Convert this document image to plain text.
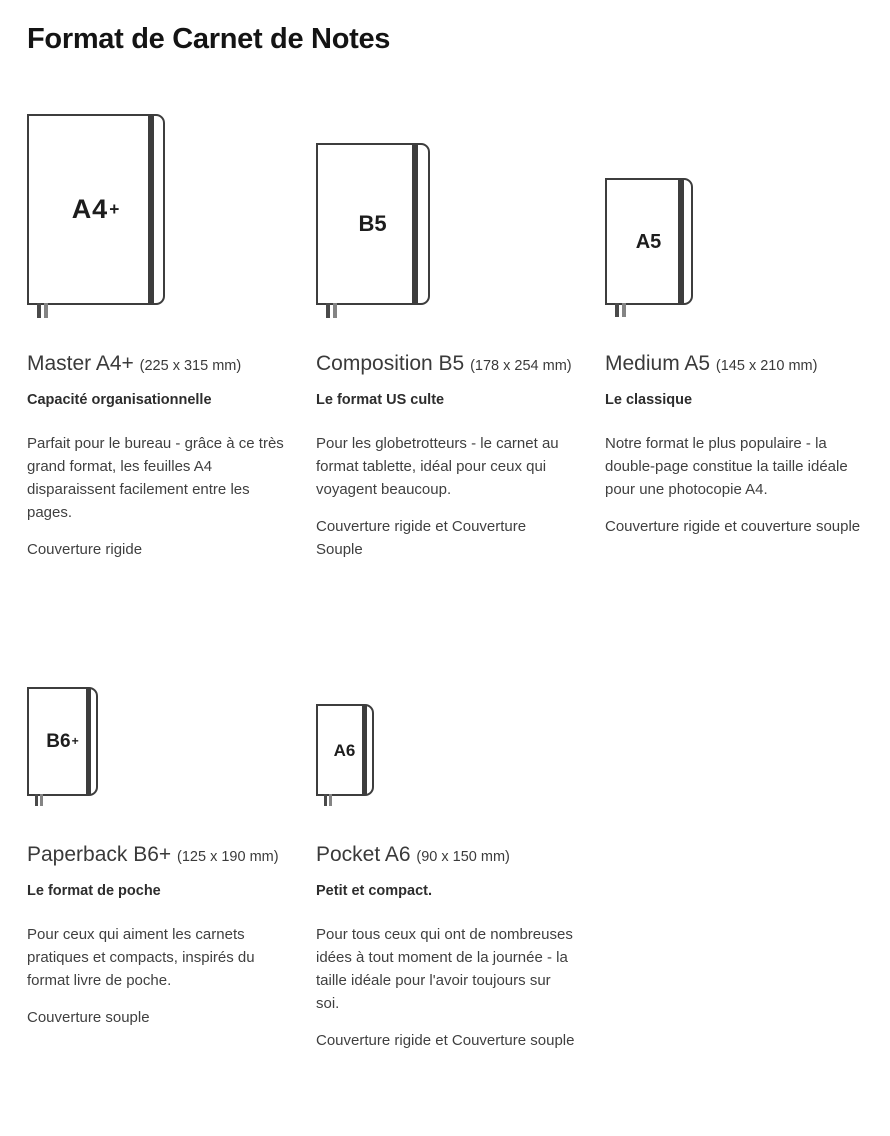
Format de Carnet de Notes
A4+
Master A4+ (225 x 315 mm)
Capacité organisationnelle

Parfait pour le bureau - grâce à ce très grand format, les feuilles A4 disparaissent facilement entre les pages.

Couverture rigide

B5
Composition B5 (178 x 254 mm)
Le format US culte

Pour les globetrotteurs - le carnet au format tablette, idéal pour ceux qui voyagent beaucoup.

Couverture rigide et Couverture Souple

A5
Medium A5 (145 x 210 mm)
Le classique

Notre format le plus populaire - la double-page constitue la taille idéale pour une photocopie A4.

Couverture rigide et couverture souple

B6+
Paperback B6+ (125 x 190 mm)
Le format de poche

Pour ceux qui aiment les carnets pratiques et compacts, inspirés du format livre de poche.

Couverture souple

A6
Pocket A6 (90 x 150 mm)
Petit et compact.

Pour tous ceux qui ont de nombreuses idées à tout moment de la journée - la taille idéale pour l'avoir toujours sur soi.

Couverture rigide et Couverture souple
